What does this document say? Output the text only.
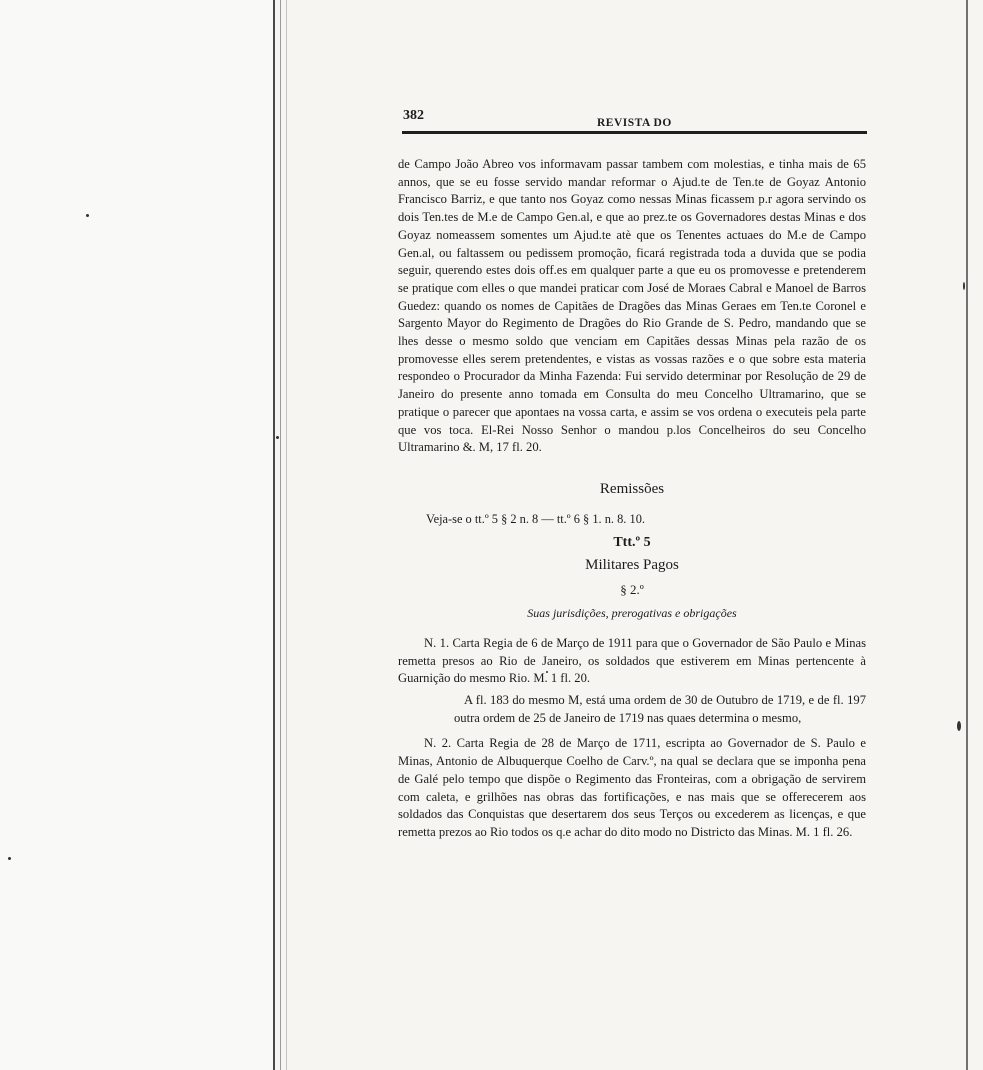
382	REVISTA DO

de Campo João Abreo vos informavam passar tambem com molestias, e tinha mais de 65 annos, que se eu fosse servido mandar reformar o Ajud.te de Ten.te de Goyaz Antonio Francisco Barriz, e que tanto nos Goyaz como nessas Minas ficassem p.r agora servindo os dois Ten.tes de M.e de Campo Gen.al, e que ao prez.te os Governadores destas Minas e dos Goyaz nomeassem somentes um Ajud.te atè que os Tenentes actuaes do M.e de Campo Gen.al, ou faltassem ou pedissem promoção, ficará registrada toda a duvida que se podia seguir, querendo estes dois off.es em qualquer parte a que eu os promovesse e pretenderem se pratique com elles o que mandei praticar com José de Moraes Cabral e Manoel de Barros Guedez: quando os nomes de Capitães de Dragões das Minas Geraes em Ten.te Coronel e Sargento Mayor do Regimento de Dragões do Rio Grande de S. Pedro, mandando que se lhes desse o mesmo soldo que venciam em Capitães dessas Minas pela razão de os promovesse elles serem pretendentes, e vistas as vossas razões e o que sobre esta materia respondeo o Procurador da Minha Fazenda: Fui servido determinar por Resolução de 29 de Janeiro do presente anno tomada em Consulta do meu Concelho Ultramarino, que se pratique o parecer que apontaes na vossa carta, e assim se vos ordena o executeis pela parte que vos toca. El-Rei Nosso Senhor o mandou p.los Concelheiros do seu Concelho Ultramarino &. M, 17 fl. 20.

Remissões

Veja-se o tt.º 5 § 2 n. 8 — tt.º 6 § 1. n. 8. 10.

Ttt.º 5

Militares Pagos

§ 2.º

Suas jurisdições, prerogativas e obrigações

N. 1. Carta Regia de 6 de Março de 1911 para que o Governador de São Paulo e Minas remetta presos ao Rio de Janeiro, os soldados que estiverem em Minas pertencente à Guarnição do mesmo Rio. M. 1 fl. 20.

A fl. 183 do mesmo M, está uma ordem de 30 de Outubro de 1719, e de fl. 197 outra ordem de 25 de Janeiro de 1719 nas quaes determina o mesmo,

N. 2. Carta Regia de 28 de Março de 1711, escripta ao Governador de S. Paulo e Minas, Antonio de Albuquerque Coelho de Carv.º, na qual se declara que se imponha pena de Galé pelo tempo que dispõe o Regimento das Fronteiras, com a obrigação de servirem com caleta, e grilhões nas obras das fortificações, e nas mais que se offerecerem aos soldados das Conquistas que desertarem dos seus Terços ou excederem as licenças, e que remetta prezos ao Rio todos os q.e achar do dito modo no Districto das Minas. M. 1 fl. 26.
